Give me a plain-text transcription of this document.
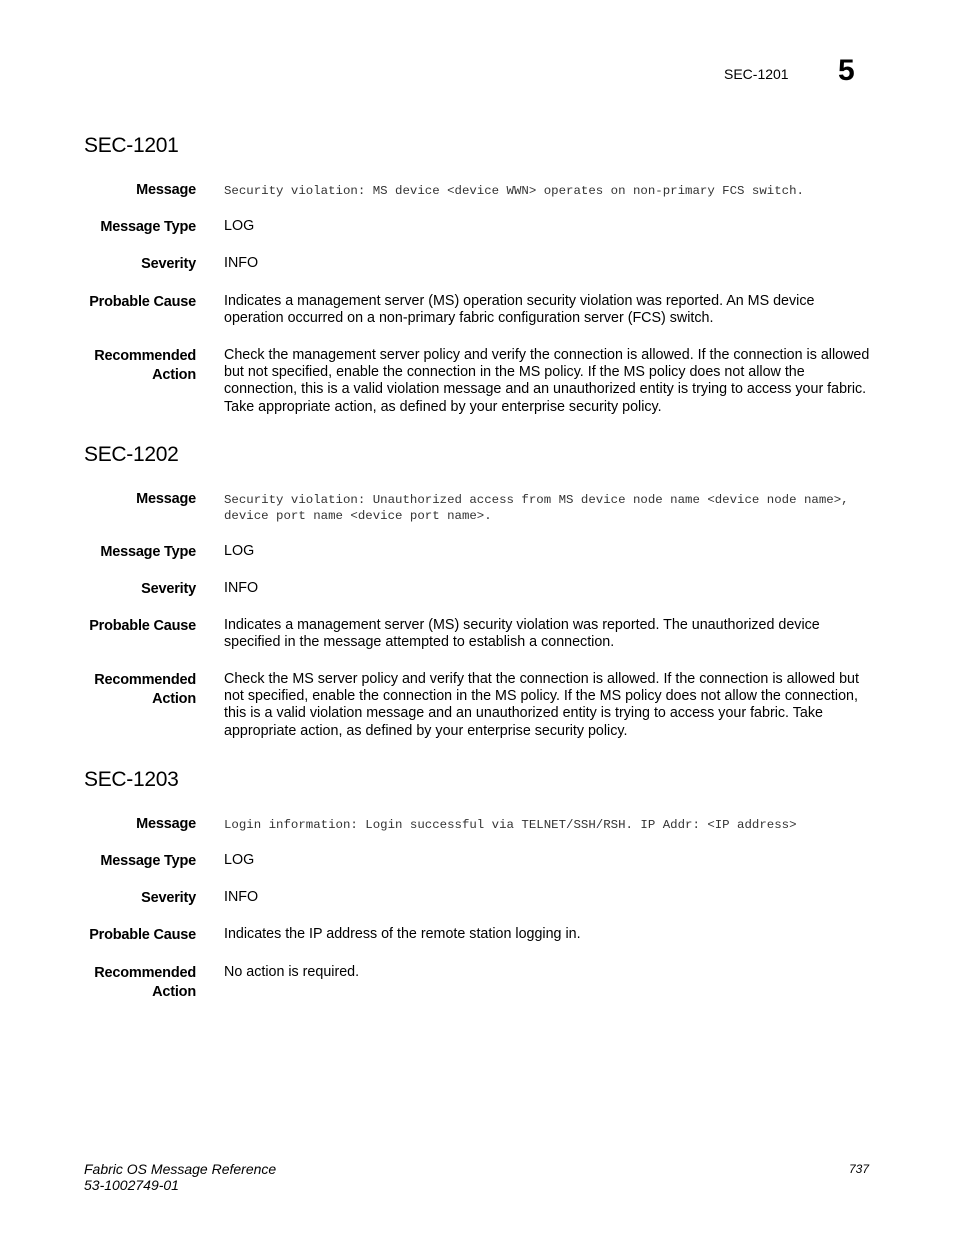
SEC-1201 5
SEC-1201
Message Security violation: MS device <device WWN> operates on non-primary FCS switch.
Message Type LOG
Severity INFO
Probable Cause Indicates a management server (MS) operation security violation was reported. An MS device operation occurred on a non-primary fabric configuration server (FCS) switch.
Recommended
Action
Check the management server policy and verify the connection is allowed. If the connection is allowed but not specified, enable the connection in the MS policy. If the MS policy does not allow the connection, this is a valid violation message and an unauthorized entity is trying to access your fabric. Take appropriate action, as defined by your enterprise security policy.
SEC-1202
Message Security violation: Unauthorized access from MS device node name <device node name>, device port name <device port name>.
Message Type LOG
Severity INFO
Probable Cause Indicates a management server (MS) security violation was reported. The unauthorized device specified in the message attempted to establish a connection.
Recommended
Action
Check the MS server policy and verify that the connection is allowed. If the connection is allowed but not specified, enable the connection in the MS policy. If the MS policy does not allow the connection, this is a valid violation message and an unauthorized entity is trying to access your fabric. Take appropriate action, as defined by your enterprise security policy.
SEC-1203
Message Login information: Login successful via TELNET/SSH/RSH. IP Addr: <IP address>
Message Type LOG
Severity INFO
Probable Cause Indicates the IP address of the remote station logging in.
Recommended
Action
No action is required.
Fabric OS Message Reference
53-1002749-01
737
